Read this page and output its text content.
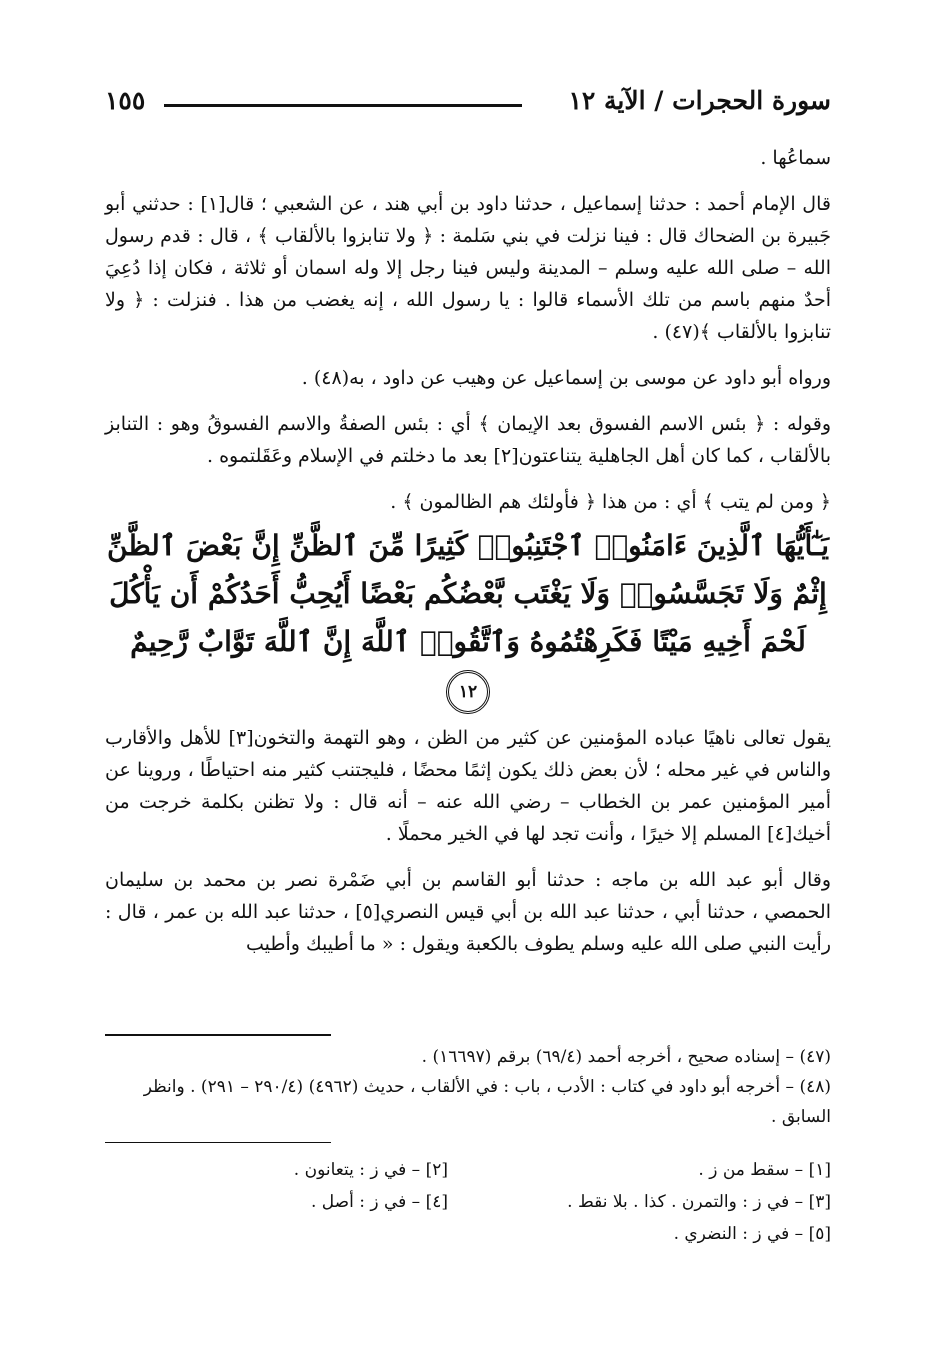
سورة الحجرات / الآية ١٢
١٥٥

سماعُها .

قال الإمام أحمد : حدثنا إسماعيل ، حدثنا داود بن أبي هند ، عن الشعبي ؛ قال[١] : حدثني أبو جَبيرة بن الضحاك قال : فينا نزلت في بني سَلمة : ﴿ ولا تنابزوا بالألقاب ﴾ ، قال : قدم رسول الله – صلى الله عليه وسلم – المدينة وليس فينا رجل إلا وله اسمان أو ثلاثة ، فكان إذا دُعِيَ أحدٌ منهم باسم من تلك الأسماء قالوا : يا رسول الله ، إنه يغضب من هذا . فنزلت : ﴿ ولا تنابزوا بالألقاب ﴾(٤٧) .

ورواه أبو داود عن موسى بن إسماعيل عن وهيب عن داود ، به(٤٨) .

وقوله : ﴿ بئس الاسم الفسوق بعد الإيمان ﴾ أي : بئس الصفةُ والاسم الفسوقُ وهو : التنابز بالألقاب ، كما كان أهل الجاهلية يتناعتون[٢] بعد ما دخلتم في الإسلام وعَقَلتموه .

﴿ ومن لم يتب ﴾ أي : من هذا ﴿ فأولئك هم الظالمون ﴾ .

يَـٰٓأَيُّهَا ٱلَّذِينَ ءَامَنُوا۟ ٱجْتَنِبُوا۟ كَثِيرًا مِّنَ ٱلظَّنِّ إِنَّ بَعْضَ ٱلظَّنِّ إِثْمٌ وَلَا تَجَسَّسُوا۟ وَلَا يَغْتَب بَّعْضُكُم بَعْضًا أَيُحِبُّ أَحَدُكُمْ أَن يَأْكُلَ لَحْمَ أَخِيهِ مَيْتًا فَكَرِهْتُمُوهُ وَٱتَّقُوا۟ ٱللَّهَ إِنَّ ٱللَّهَ تَوَّابٌ رَّحِيمٌ ١٢

يقول تعالى ناهيًا عباده المؤمنين عن كثير من الظن ، وهو التهمة والتخون[٣] للأهل والأقارب والناس في غير محله ؛ لأن بعض ذلك يكون إثمًا محضًا ، فليجتنب كثير منه احتياطًا ، وروينا عن أمير المؤمنين عمر بن الخطاب – رضي الله عنه – أنه قال : ولا تظنن بكلمة خرجت من أخيك[٤] المسلم إلا خيرًا ، وأنت تجد لها في الخير محملًا .

وقال أبو عبد الله بن ماجه : حدثنا أبو القاسم بن أبي ضَمْرة نصر بن محمد بن سليمان الحمصي ، حدثنا أبي ، حدثنا عبد الله بن أبي قيس النصري[٥] ، حدثنا عبد الله بن عمر ، قال : رأيت النبي صلى الله عليه وسلم يطوف بالكعبة ويقول : « ما أطيبك وأطيب

(٤٧) – إسناده صحيح ، أخرجه أحمد (٦٩/٤) برقم (١٦٦٩٧) .

(٤٨) – أخرجه أبو داود في كتاب : الأدب ، باب : في الألقاب ، حديث (٤٩٦٢) (٢٩٠/٤ – ٢٩١) . وانظر السابق .

[١] – سقط من ز .
[٢] – في ز : يتعانون .
[٣] – في ز : والتمرن . كذا . بلا نقط .
[٤] – في ز : أصل .
[٥] – في ز : النضري .
